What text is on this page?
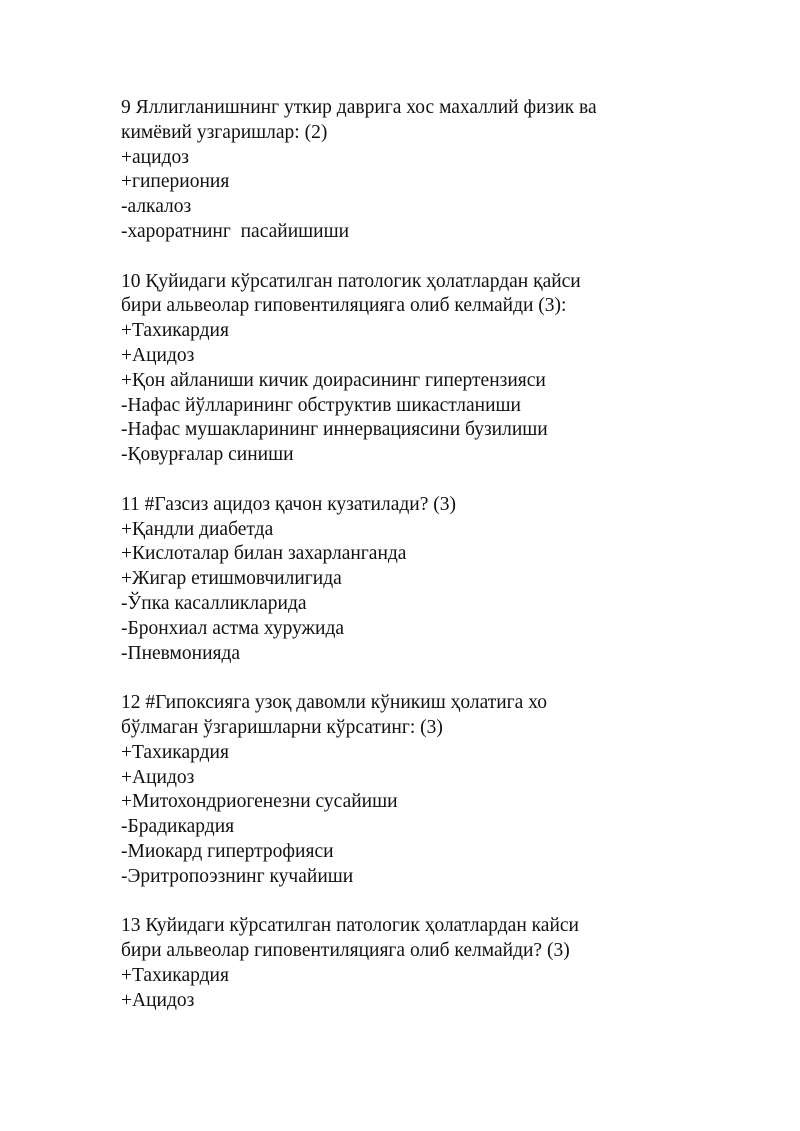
9 Яллигланишнинг уткир даврига хос махаллий физик ва
кимёвий узгаришлар: (2)
+ацидоз
+гипериония
-алкалоз
-хароратнинг  пасайишиши
10 Қуйидаги кўрсатилган патологик ҳолатлардан қайси
бири альвеолар гиповентиляцияга олиб келмайди (3):
+Тахикардия
+Ацидоз
+Қон айланиши кичик доирасининг гипертензияси
-Нафас йўлларининг обструктив шикастланиши
-Нафас мушакларининг иннервациясини бузилиши
-Қовурғалар синиши
11 #Газсиз ацидоз қачон кузатилади? (3)
+Қандли диабетда
+Кислоталар билан захарланганда
+Жигар етишмовчилигида
-Ўпка касалликларида
-Бронхиал астма хуружида
-Пневмонияда
12 #Гипоксияга узоқ давомли кўникиш ҳолатига хо
бўлмаган ўзгаришларни кўрсатинг: (3)
+Тахикардия
+Ацидоз
+Митохондриогенезни сусайиши
-Брадикардия
-Миокард гипертрофияси
-Эритропоэзнинг кучайиши
13 Куйидаги кўрсатилган патологик ҳолатлардан кайси
бири альвеолар гиповентиляцияга олиб келмайди? (3)
+Тахикардия
+Ацидоз
